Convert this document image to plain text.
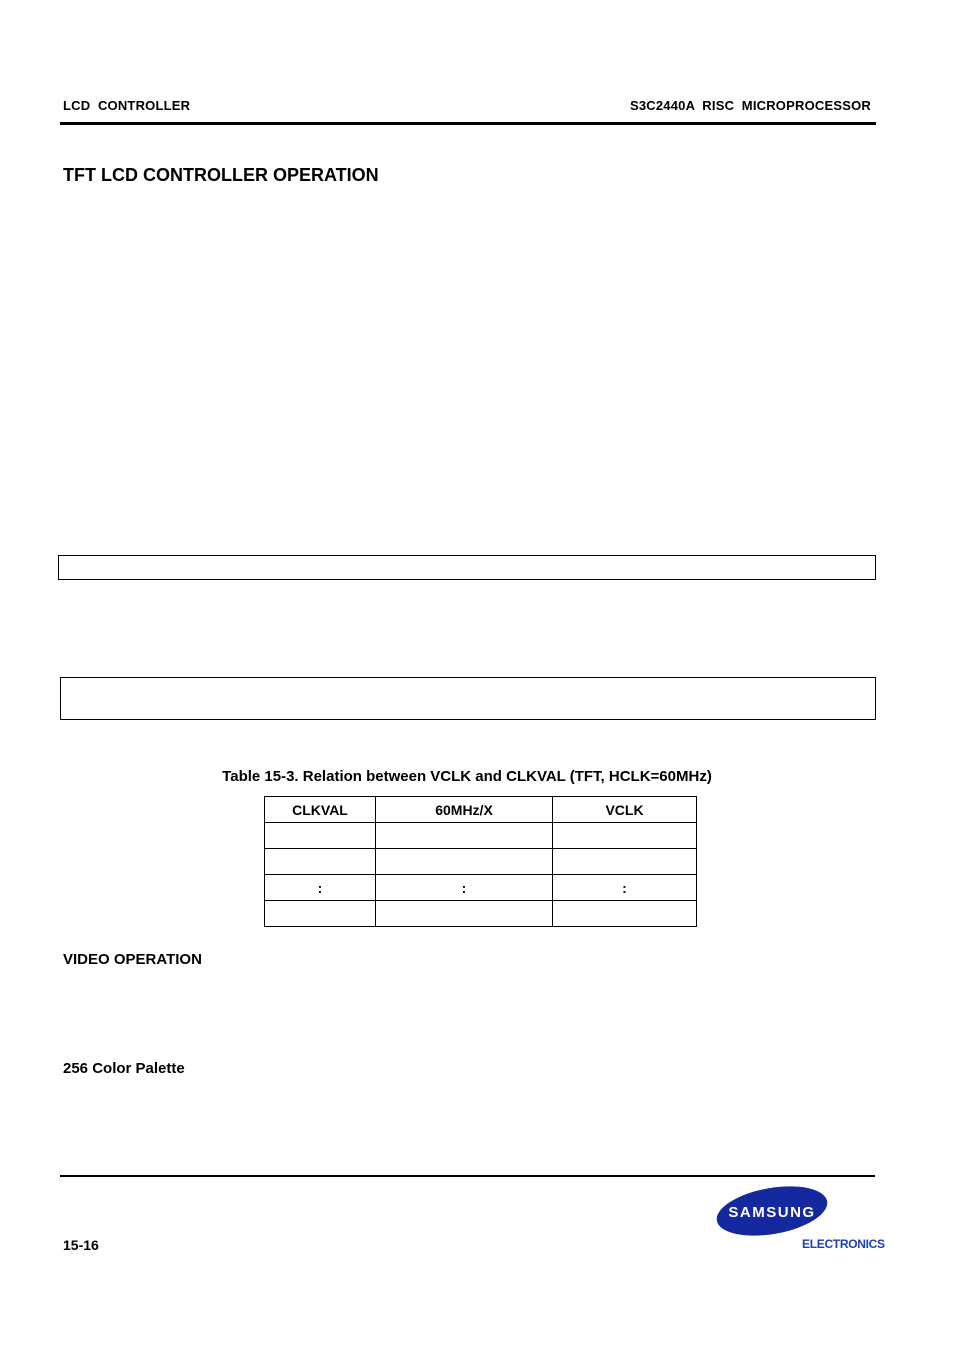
LCD  CONTROLLER	S3C2440A  RISC  MICROPROCESSOR
TFT LCD CONTROLLER OPERATION
Table 15-3. Relation between VCLK and CLKVAL (TFT, HCLK=60MHz)
CLKVAL	60MHz/X	VCLK

:	:	:

VIDEO OPERATION
256 Color Palette
15-16
SAMSUNG
ELECTRONICS
